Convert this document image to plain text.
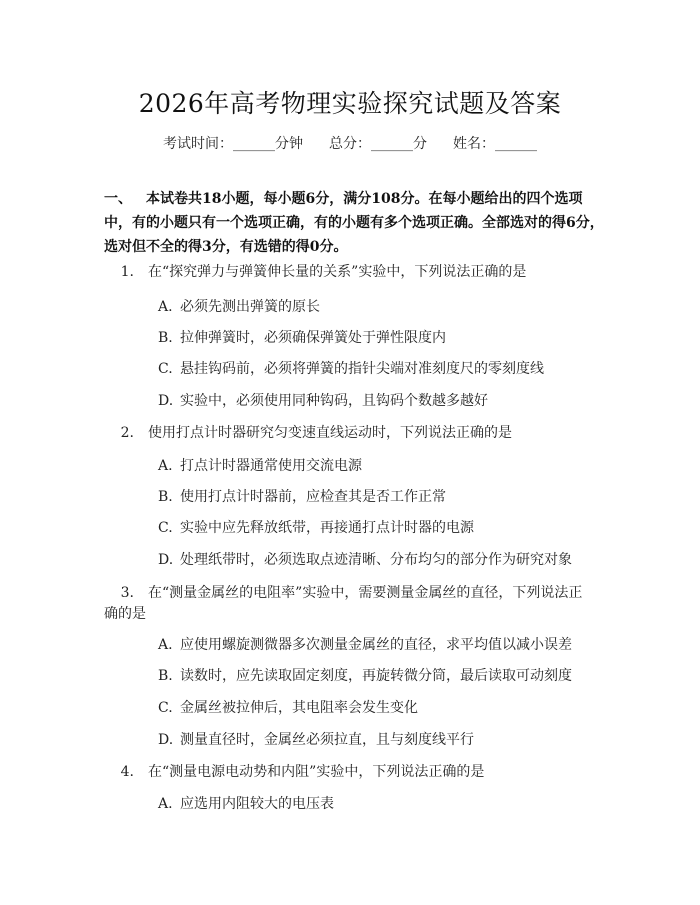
2026年高考物理实验探究试题及答案
考试时间：______分钟 总分：______分 姓名：______
一、 本试卷共18小题，每小题6分，满分108分。在每小题给出的四个选项中，有的小题只有一个选项正确，有的小题有多个选项正确。全部选对的得6分，选对但不全的得3分，有选错的得0分。
1. 在“探究弹力与弹簧伸长量的关系”实验中，下列说法正确的是
A. 必须先测出弹簧的原长
B. 拉伸弹簧时，必须确保弹簧处于弹性限度内
C. 悬挂钩码前，必须将弹簧的指针尖端对准刻度尺的零刻度线
D. 实验中，必须使用同种钩码，且钩码个数越多越好
2. 使用打点计时器研究匀变速直线运动时，下列说法正确的是
A. 打点计时器通常使用交流电源
B. 使用打点计时器前，应检查其是否工作正常
C. 实验中应先释放纸带，再接通打点计时器的电源
D. 处理纸带时，必须选取点迹清晰、分布均匀的部分作为研究对象
3. 在“测量金属丝的电阻率”实验中，需要测量金属丝的直径，下列说法正
确的是
A. 应使用螺旋测微器多次测量金属丝的直径，求平均值以减小误差
B. 读数时，应先读取固定刻度，再旋转微分筒，最后读取可动刻度
C. 金属丝被拉伸后，其电阻率会发生变化
D. 测量直径时，金属丝必须拉直，且与刻度线平行
4. 在“测量电源电动势和内阻”实验中，下列说法正确的是
A. 应选用内阻较大的电压表
